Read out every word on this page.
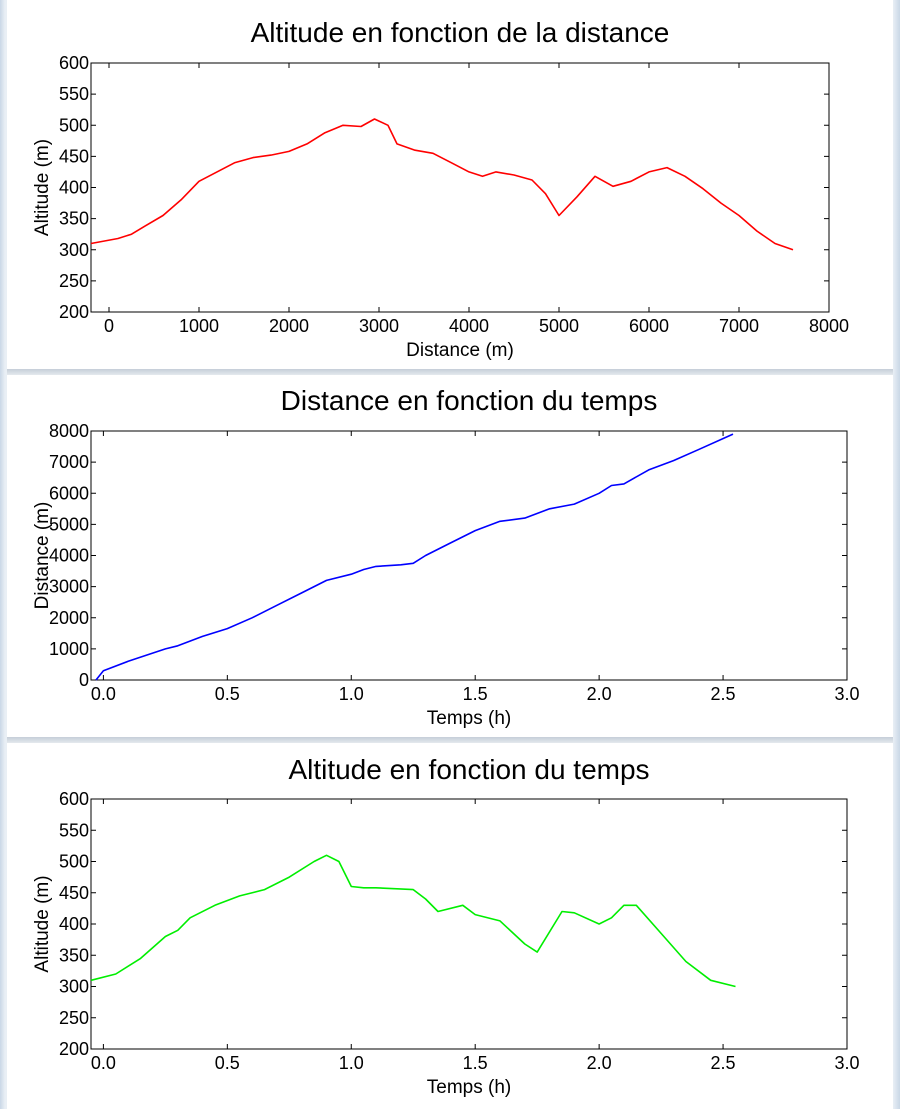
Altitude en fonction de la distance
0	1000	2000	3000	4000	5000	6000	7000	8000
200
250
300
350
400
450
500
550
600
Distance (m)
Altitude (m)
Distance en fonction du temps
0.0	0.5	1.0	1.5	2.0	2.5	3.0
0
1000
2000
3000
4000
5000
6000
7000
8000
Temps (h)
Distance (m)
Altitude en fonction du temps
0.0	0.5	1.0	1.5	2.0	2.5	3.0
200
250
300
350
400
450
500
550
600
Temps (h)
Altitude (m)
